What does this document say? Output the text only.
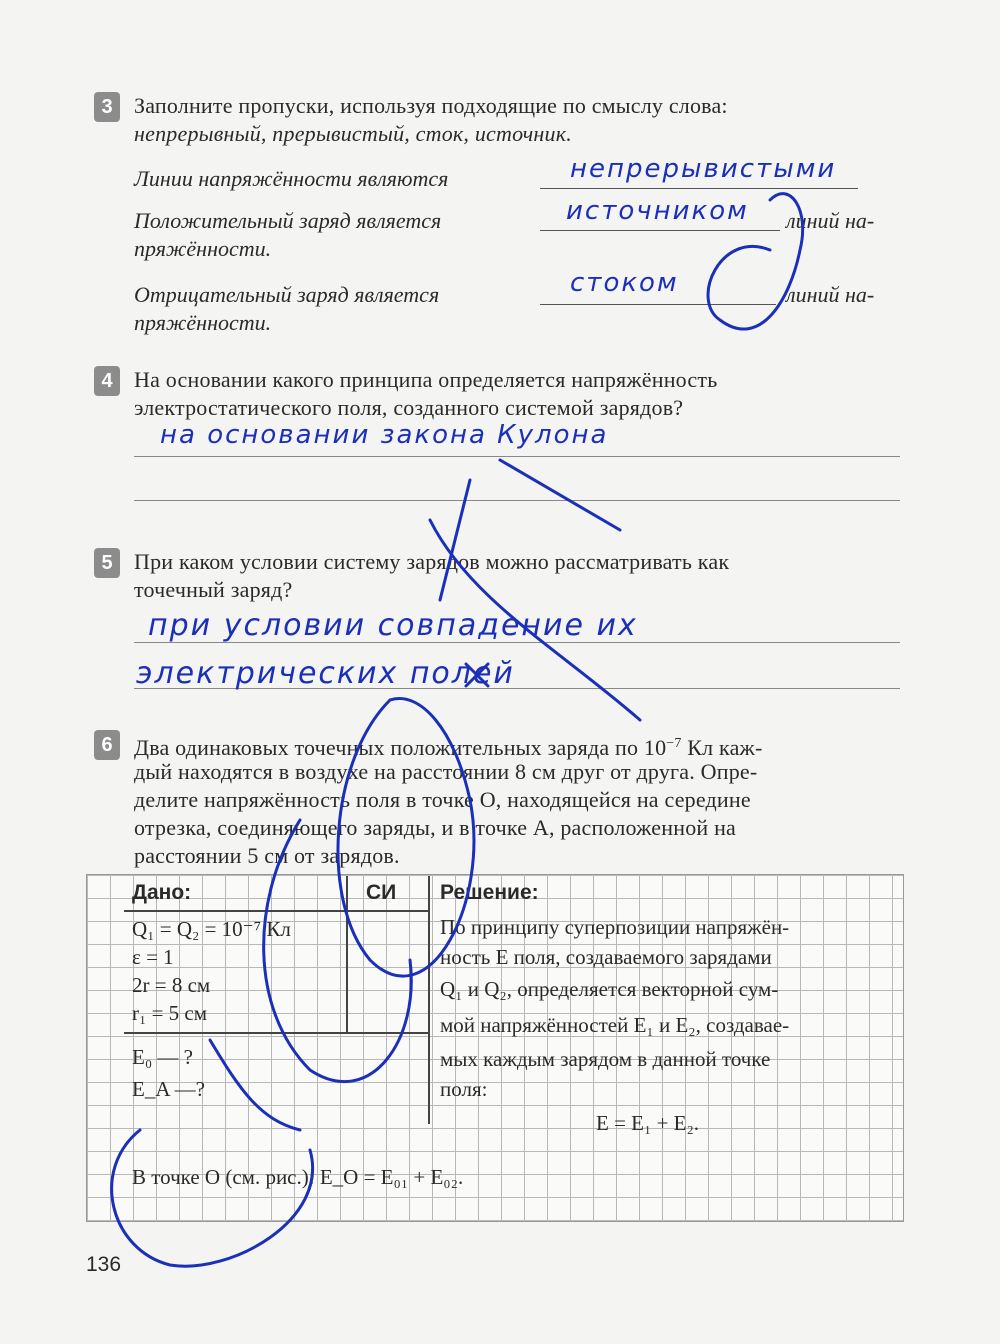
3 Заполните пропуски, используя подходящие по смыслу слова:
непрерывный, прерывистый, сток, источник.
Линии напряжённости являются	непрерывистыми
Положительный заряд является	источником линий на-
пряжённости.
Отрицательный заряд является	стоком	линий на-
пряжённости.
4 На основании какого принципа определяется напряжённость
электростатического поля, созданного системой зарядов?
на основании закона Кулона
5 При каком условии систему зарядов можно рассматривать как
точечный заряд?
при условии совпадение их
электрических полей
6 Два одинаковых точечных положительных заряда по $10^{-7}$ Кл каж-
дый находятся в воздухе на расстоянии 8 см друг от друга. Опре-
делите напряжённость поля в точке O, находящейся на середине
отрезка, соединяющего заряды, и в точке A, расположенной на
расстоянии 5 см от зарядов.
Дано:	СИ Решение:
Q₁ = Q₂ = 10⁻⁷ Кл
ε = 1
2r = 8 см
r₁ = 5 см
E₀ — ?
E_A —?
По принципу суперпозиции напряжён-
ность E поля, создаваемого зарядами
Q₁ и Q₂, определяется векторной сум-
мой напряжённостей E₁ и E₂, создавае-
мых каждым зарядом в данной точке
поля:
E = E₁ + E₂.
В точке O (см. рис.): E_O = E₀₁ + E₀₂.
136
